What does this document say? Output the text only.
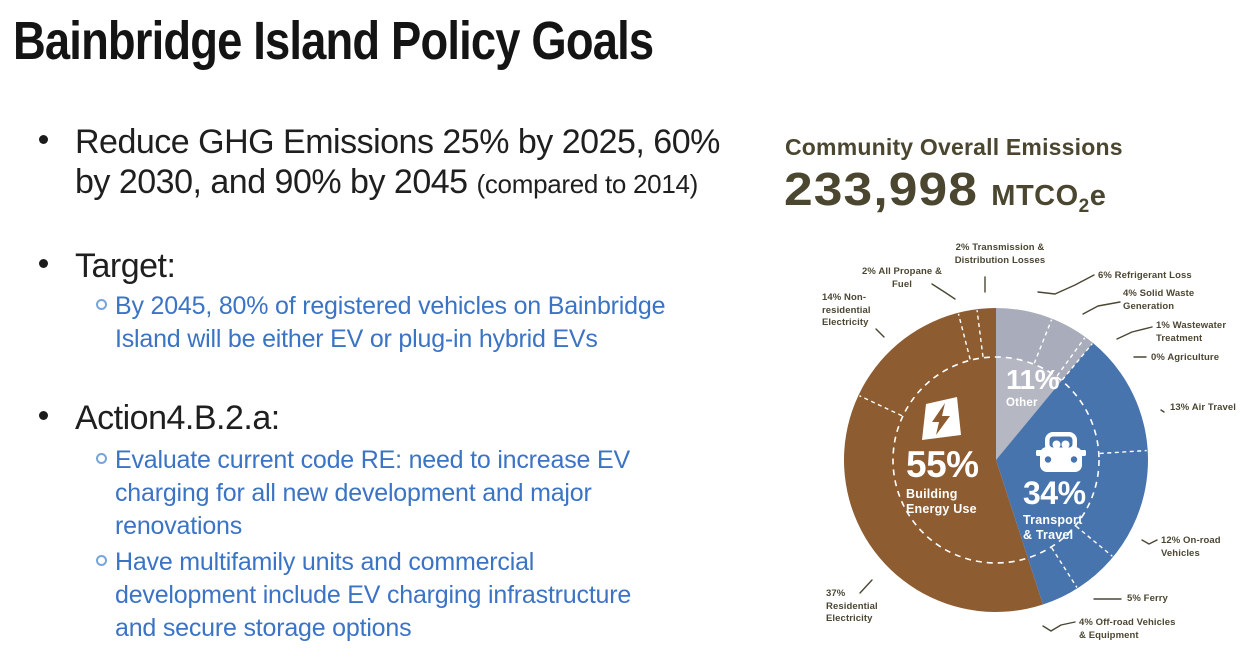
Bainbridge Island Policy Goals
Reduce GHG Emissions 25% by 2025, 60%
by 2030, and 90% by 2045 (compared to 2014)
Target:
By 2045, 80% of registered vehicles on Bainbridge
Island will be either EV or plug-in hybrid EVs
Action4.B.2.a:
Evaluate current code RE: need to increase EV
charging for all new development and major
renovations
Have multifamily units and commercial
development include EV charging infrastructure
and secure storage options
Community Overall Emissions
233,998 $MTCO_2e$
11%
Other
55%
Building Energy Use 34%
Transport & Travel
6% Refrigerant Loss
4% Solid Waste Generation
1% Wastewater Treatment
0% Agriculture
13% Air Travel
12% On-road Vehicles
5% Ferry
4% Off-road Vehicles & Equipment
37% Residential Electricity
14% Non-residential Electricity
2% All Propane & Fuel
2% Transmission & Distribution Losses
